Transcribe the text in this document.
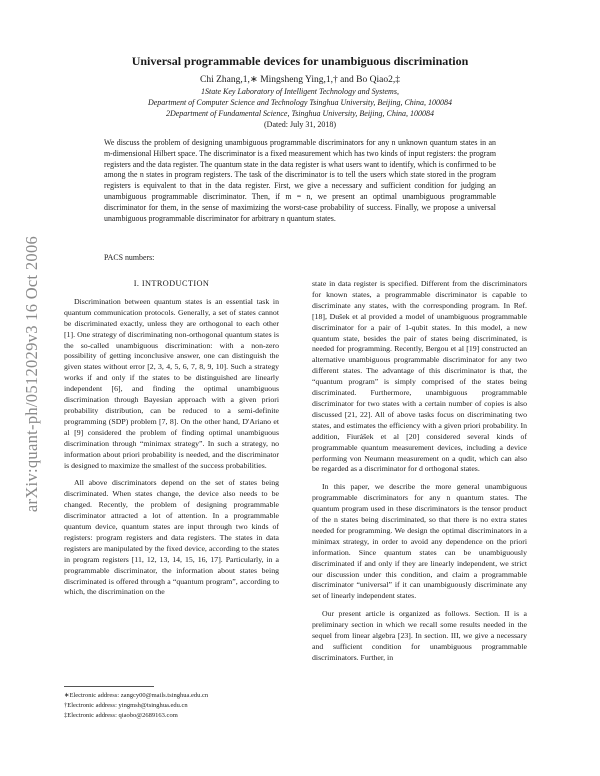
arXiv:quant-ph/0512029v3 16 Oct 2006
Universal programmable devices for unambiguous discrimination
Chi Zhang,1,∗ Mingsheng Ying,1,† and Bo Qiao2,‡
1State Key Laboratory of Intelligent Technology and Systems,
Department of Computer Science and Technology Tsinghua University, Beijing, China, 100084
2Department of Fundamental Science, Tsinghua University, Beijing, China, 100084
(Dated: July 31, 2018)

We discuss the problem of designing unambiguous programmable discriminators for any n unknown quantum states in an m-dimensional Hilbert space. The discriminator is a fixed measurement which has two kinds of input registers: the program registers and the data register. The quantum state in the data register is what users want to identify, which is confirmed to be among the n states in program registers. The task of the discriminator is to tell the users which state stored in the program registers is equivalent to that in the data register. First, we give a necessary and sufficient condition for judging an unambiguous programmable discriminator. Then, if m = n, we present an optimal unambiguous programmable discriminator for them, in the sense of maximizing the worst-case probability of success. Finally, we propose a universal unambiguous programmable discriminator for arbitrary n quantum states.

PACS numbers:

I. INTRODUCTION

Discrimination between quantum states is an essential task in quantum communication protocols. Generally, a set of states cannot be discriminated exactly, unless they are orthogonal to each other [1]. One strategy of discriminating non-orthogonal quantum states is the so-called unambiguous discrimination: with a non-zero possibility of getting inconclusive answer, one can distinguish the given states without error [2, 3, 4, 5, 6, 7, 8, 9, 10]. Such a strategy works if and only if the states to be distinguished are linearly independent [6], and finding the optimal unambiguous discrimination through Bayesian approach with a given priori probability distribution, can be reduced to a semi-definite programming (SDP) problem [7, 8]. On the other hand, D'Ariano et al [9] considered the problem of finding optimal unambiguous discrimination through “minimax strategy”. In such a strategy, no information about priori probability is needed, and the discriminator is designed to maximize the smallest of the success probabilities.

All above discriminators depend on the set of states being discriminated. When states change, the device also needs to be changed. Recently, the problem of designing programmable discriminator attracted a lot of attention. In a programmable quantum device, quantum states are input through two kinds of registers: program registers and data registers. The states in data registers are manipulated by the fixed device, according to the states in program registers [11, 12, 13, 14, 15, 16, 17]. Particularly, in a programmable discriminator, the information about states being discriminated is offered through a “quantum program”, according to which, the discrimination on the

state in data register is specified. Different from the discriminators for known states, a programmable discriminator is capable to discriminate any states, with the corresponding program. In Ref. [18], Dušek et al provided a model of unambiguous programmable discriminator for a pair of 1-qubit states. In this model, a new quantum state, besides the pair of states being discriminated, is needed for programming. Recently, Bergou et al [19] constructed an alternative unambiguous programmable discriminator for any two different states. The advantage of this discriminator is that, the “quantum program” is simply comprised of the states being discriminated. Furthermore, unambiguous programmable discriminator for two states with a certain number of copies is also discussed [21, 22]. All of above tasks focus on discriminating two states, and estimates the efficiency with a given priori probability. In addition, Fiurášek et al [20] considered several kinds of programmable quantum measurement devices, including a device performing von Neumann measurement on a qudit, which can also be regarded as a discriminator for d orthogonal states.

In this paper, we describe the more general unambiguous programmable discriminators for any n quantum states. The quantum program used in these discriminators is the tensor product of the n states being discriminated, so that there is no extra states needed for programming. We design the optimal discriminators in a minimax strategy, in order to avoid any dependence on the priori information. Since quantum states can be unambiguously discriminated if and only if they are linearly independent, we strict our discussion under this condition, and claim a programmable discriminator “universal” if it can unambiguously discriminate any set of linearly independent states.

Our present article is organized as follows. Section. II is a preliminary section in which we recall some results needed in the sequel from linear algebra [23]. In section. III, we give a necessary and sufficient condition for unambiguous programmable discriminators. Further, in

∗Electronic address: zangcy00@mails.tsinghua.edu.cn
†Electronic address: yingmsh@tsinghua.edu.cn
‡Electronic address: qiaobo@2689163.com
